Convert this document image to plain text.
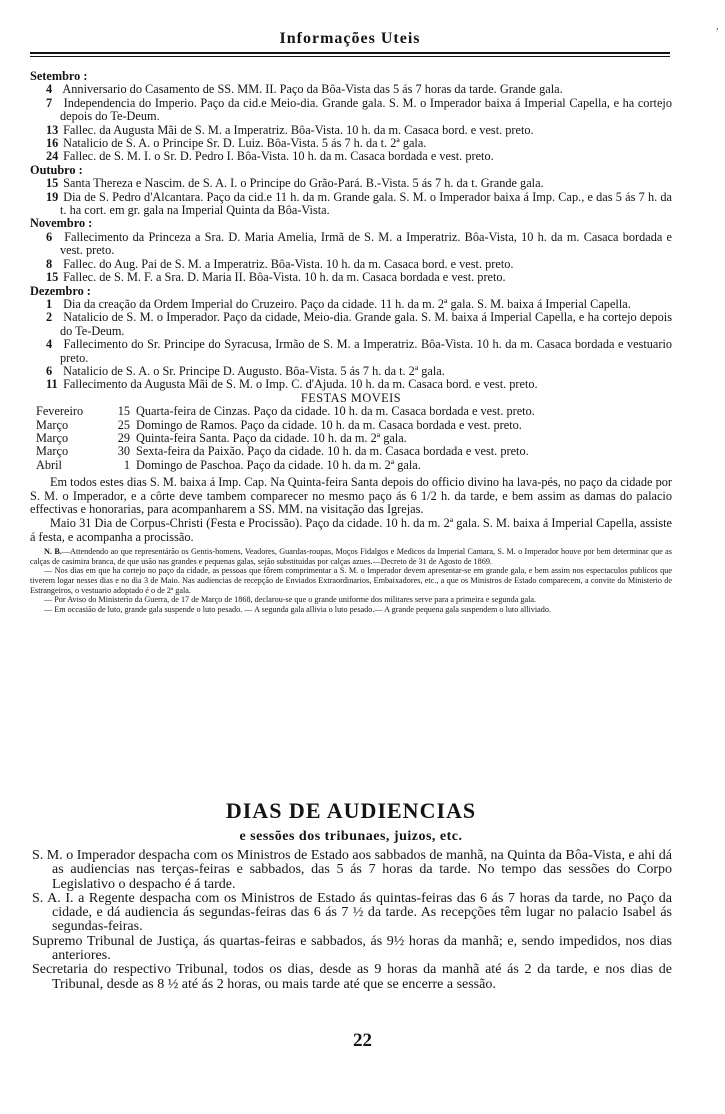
Informações Uteis	ʼ
Setembro :
4 Anniversario do Casamento de SS. MM. II. Paço da Bôa-Vista das 5 ás 7 horas da tarde. Grande gala.
7 Independencia do Imperio. Paço da cid.e Meio-dia. Grande gala. S. M. o Imperador baixa á Imperial Capella, e ha cortejo depois do Te-Deum.
13 Fallec. da Augusta Mãi de S. M. a Imperatriz. Bôa-Vista. 10 h. da m. Casaca bord. e vest. preto.
16 Natalicio de S. A. o Principe Sr. D. Luiz. Bôa-Vista. 5 ás 7 h. da t. 2ª gala.
24 Fallec. de S. M. I. o Sr. D. Pedro I. Bôa-Vista. 10 h. da m. Casaca bordada e vest. preto.
Outubro :
15 Santa Thereza e Nascim. de S. A. I. o Principe do Grão-Pará. B.-Vista. 5 ás 7 h. da t. Grande gala.
19 Dia de S. Pedro d'Alcantara. Paço da cid.e 11 h. da m. Grande gala. S. M. o Imperador baixa á Imp. Cap., e das 5 ás 7 h. da t. ha cort. em gr. gala na Imperial Quinta da Bôa-Vista.
Novembro :
6 Fallecimento da Princeza a Sra. D. Maria Amelia, Irmã de S. M. a Imperatriz. Bôa-Vista, 10 h. da m. Casaca bordada e vest. preto.
8 Fallec. do Aug. Pai de S. M. a Imperatriz. Bôa-Vista. 10 h. da m. Casaca bord. e vest. preto.
15 Fallec. de S. M. F. a Sra. D. Maria II. Bôa-Vista. 10 h. da m. Casaca bordada e vest. preto.
Dezembro :
1 Dia da creação da Ordem Imperial do Cruzeiro. Paço da cidade. 11 h. da m. 2ª gala. S. M. baixa á Imperial Capella.
2 Natalicio de S. M. o Imperador. Paço da cidade, Meio-dia. Grande gala. S. M. baixa á Imperial Capella, e ha cortejo depois do Te-Deum.
4 Fallecimento do Sr. Principe do Syracusa, Irmão de S. M. a Imperatriz. Bôa-Vista. 10 h. da m. Casaca bordada e vestuario preto.
6 Natalicio de S. A. o Sr. Principe D. Augusto. Bôa-Vista. 5 ás 7 h. da t. 2ª gala.
11 Fallecimento da Augusta Mãi de S. M. o Imp. C. d'Ajuda. 10 h. da m. Casaca bord. e vest. preto.
FESTAS MOVEIS
Fevereiro	15 Quarta-feira de Cinzas. Paço da cidade. 10 h. da m. Casaca bordada e vest. preto.
Março	25 Domingo de Ramos. Paço da cidade. 10 h. da m. Casaca bordada e vest. preto.
Março	29 Quinta-feira Santa. Paço da cidade. 10 h. da m. 2ª gala.
Março	30 Sexta-feira da Paixão. Paço da cidade. 10 h. da m. Casaca bordada e vest. preto.
Abril	1 Domingo de Paschoa. Paço da cidade. 10 h. da m. 2ª gala.
Em todos estes dias S. M. baixa á Imp. Cap. Na Quinta-feira Santa depois do officio divino ha lava-pés, no paço da cidade por S. M. o Imperador, e a côrte deve tambem comparecer no mesmo paço ás 6 1/2 h. da tarde, e bem assim as damas do palacio effectivas e honorarias, para acompanharem a SS. MM. na visitação das Igrejas.
Maio 31 Dia de Corpus-Christi (Festa e Procissão). Paço da cidade. 10 h. da m. 2ª gala. S. M. baixa á Imperial Capella, assiste á festa, e acompanha a procissão.

N. B.—Attendendo ao que representárão os Gentis-homens, Veadores, Guardas-roupas, Moços Fidalgos e Medicos da Imperial Camara, S. M. o Imperador houve por bem determinar que as calças de casimira branca, de que usão nas grandes e pequenas galas, sejão substituidas por calças azues.—Decreto de 31 de Agosto de 1869.

— Nos dias em que ha cortejo no paço da cidade, as pessoas que fôrem comprimentar a S. M. o Imperador devem apresentar-se em grande gala, e bem assim nos espectaculos publicos que tiverem logar nesses dias e no dia 3 de Maio. Nas audiencias de recepção de Enviados Extraordinarios, Embaixadores, etc., a que os Ministros de Estado comparecem, a convite do Ministerio de Estrangeiros, o vestuario adoptado é o de 2ª gala.

— Por Aviso do Ministerio da Guerra, de 17 de Março de 1868, declarou-se que o grande uniforme dos militares serve para a primeira e segunda gala.

— Em occasião de luto, grande gala suspende o luto pesado. — A segunda gala allivia o luto pesado.— A grande pequena gala suspendem o luto alliviado.

DIAS DE AUDIENCIAS
e sessões dos tribunaes, juizos, etc.

S. M. o Imperador despacha com os Ministros de Estado aos sabbados de manhã, na Quinta da Bôa-Vista, e ahi dá as audiencias nas terças-feiras e sabbados, das 5 ás 7 horas da tarde. No tempo das sessões do Corpo Legislativo o despacho é á tarde.

S. A. I. a Regente despacha com os Ministros de Estado ás quintas-feiras das 6 ás 7 horas da tarde, no Paço da cidade, e dá audiencia ás segundas-feiras das 6 ás 7 ½ da tarde. As recepções têm lugar no palacio Isabel ás segundas-feiras.

Supremo Tribunal de Justiça, ás quartas-feiras e sabbados, ás 9½ horas da manhã; e, sendo impedidos, nos dias anteriores.

Secretaria do respectivo Tribunal, todos os dias, desde as 9 horas da manhã até ás 2 da tarde, e nos dias de Tribunal, desde as 8 ½ até ás 2 horas, ou mais tarde até que se encerre a sessão.

22
